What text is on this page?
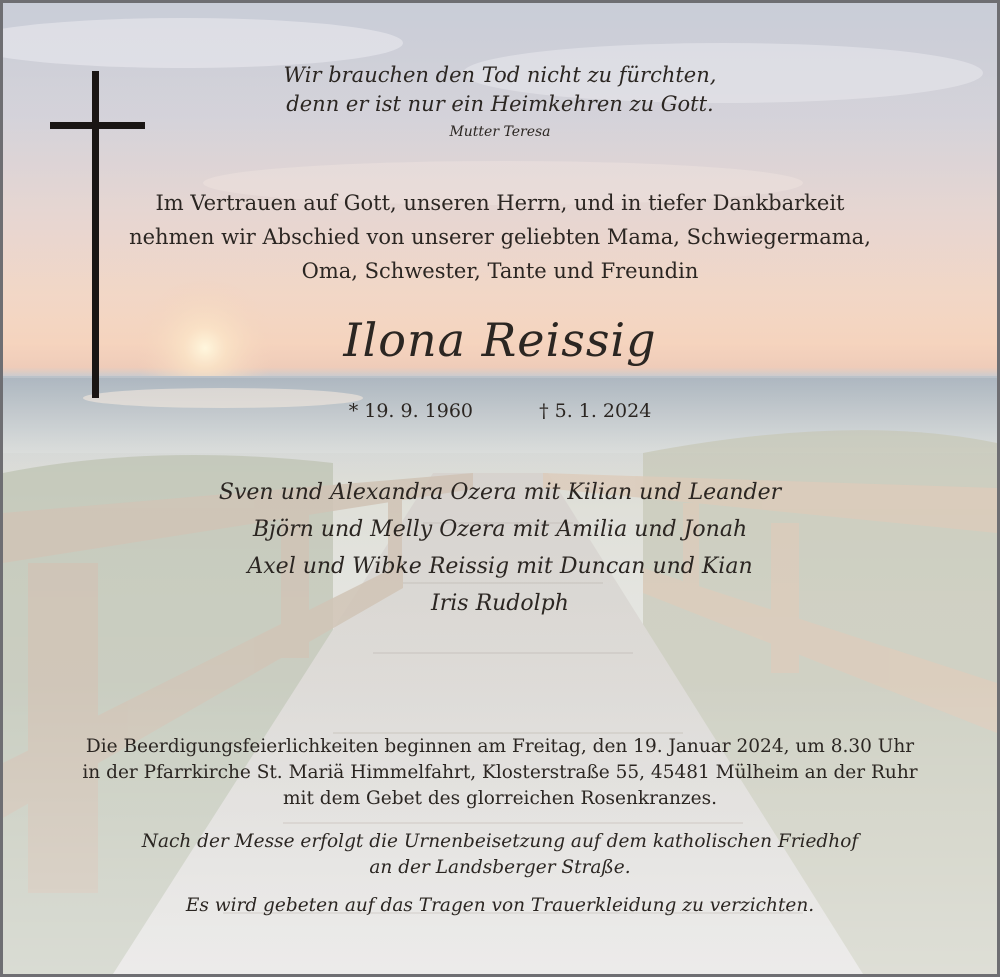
Wir brauchen den Tod nicht zu fürchten,
denn er ist nur ein Heimkehren zu Gott.
Mutter Teresa
Im Vertrauen auf Gott, unseren Herrn, und in tiefer Dankbarkeit
nehmen wir Abschied von unserer geliebten Mama, Schwiegermama,
Oma, Schwester, Tante und Freundin
Ilona Reissig
* 19. 9. 1960	† 5. 1. 2024
Sven und Alexandra Ozera mit Kilian und Leander
Björn und Melly Ozera mit Amilia und Jonah
Axel und Wibke Reissig mit Duncan und Kian
Iris Rudolph
Die Beerdigungsfeierlichkeiten beginnen am Freitag, den 19. Januar 2024, um 8.30 Uhr
in der Pfarrkirche St. Mariä Himmelfahrt, Klosterstraße 55, 45481 Mülheim an der Ruhr
mit dem Gebet des glorreichen Rosenkranzes.
Nach der Messe erfolgt die Urnenbeisetzung auf dem katholischen Friedhof
an der Landsberger Straße.
Es wird gebeten auf das Tragen von Trauerkleidung zu verzichten.
